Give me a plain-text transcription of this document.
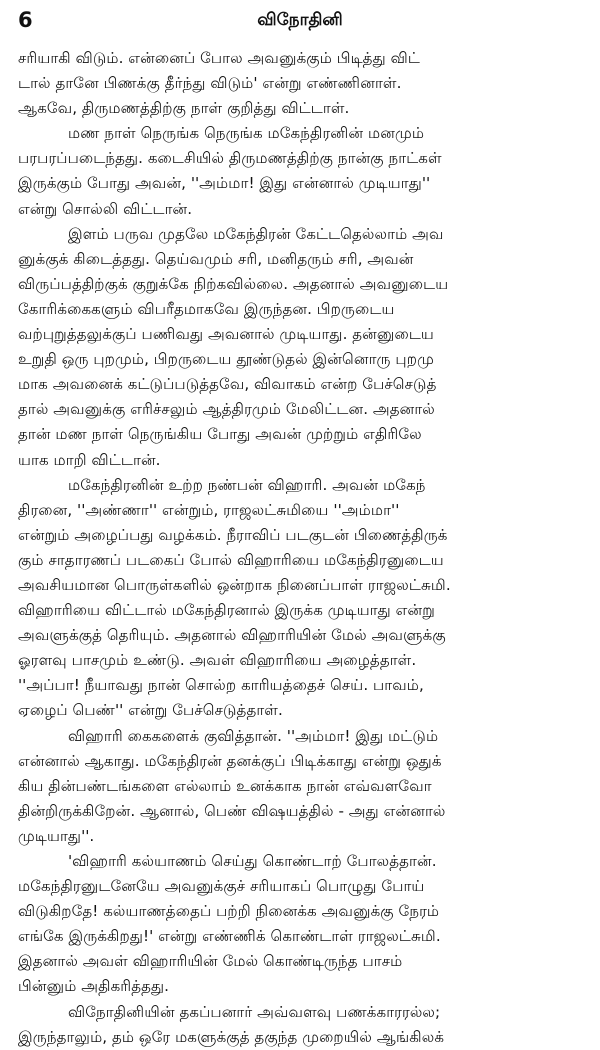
6	விநோதினி

சரியாகி விடும். என்னைப் போல அவனுக்கும் பிடித்து விட்
டால் தானே பிணக்கு தீர்ந்து விடும்' என்று எண்ணினாள்.
ஆகவே, திருமணத்திற்கு நாள் குறித்து விட்டாள்.

மண நாள் நெருங்க நெருங்க மகேந்திரனின் மனமும்
பரபரப்படைந்தது. கடைசியில் திருமணத்திற்கு நான்கு நாட்கள்
இருக்கும் போது அவன், ''அம்மா! இது என்னால் முடியாது''
என்று சொல்லி விட்டான்.

இளம் பருவ முதலே மகேந்திரன் கேட்டதெல்லாம் அவ
னுக்குக் கிடைத்தது. தெய்வமும் சரி, மனிதரும் சரி, அவன்
விருப்பத்திற்குக் குறுக்கே நிற்கவில்லை. அதனால் அவனுடைய
கோரிக்கைகளும் விபரீதமாகவே இருந்தன. பிறருடைய
வற்புறுத்தலுக்குப் பணிவது அவனால் முடியாது. தன்னுடைய
உறுதி ஒரு புறமும், பிறருடைய தூண்டுதல் இன்னொரு புறமு
மாக அவனைக் கட்டுப்படுத்தவே, விவாகம் என்ற பேச்செடுத்
தால் அவனுக்கு எரிச்சலும் ஆத்திரமும் மேலிட்டன. அதனால்
தான் மண நாள் நெருங்கிய போது அவன் முற்றும் எதிரிலே
யாக மாறி விட்டான்.

மகேந்திரனின் உற்ற நண்பன் விஹாரி. அவன் மகேந்
திரனை, ''அண்ணா'' என்றும், ராஜலட்சுமியை ''அம்மா''
என்றும் அழைப்பது வழக்கம். நீராவிப் படகுடன் பிணைத்திருக்
கும் சாதாரணப் படகைப் போல் விஹாரியை மகேந்திரனுடைய
அவசியமான பொருள்களில் ஒன்றாக நினைப்பாள் ராஜலட்சுமி.
விஹாரியை விட்டால் மகேந்திரனால் இருக்க முடியாது என்று
அவளுக்குத் தெரியும். அதனால் விஹாரியின் மேல் அவளுக்கு
ஓரளவு பாசமும் உண்டு. அவள் விஹாரியை அழைத்தாள்.
''அப்பா! நீயாவது நான் சொல்ற காரியத்தைச் செய். பாவம்,
ஏழைப் பெண்'' என்று பேச்செடுத்தாள்.

விஹாரி கைகளைக் குவித்தான். ''அம்மா! இது மட்டும்
என்னால் ஆகாது. மகேந்திரன் தனக்குப் பிடிக்காது என்று ஒதுக்
கிய தின்பண்டங்களை எல்லாம் உனக்காக நான் எவ்வளவோ
தின்றிருக்கிறேன். ஆனால், பெண் விஷயத்தில் - அது என்னால்
முடியாது''.

'விஹாரி கல்யாணம் செய்து கொண்டாற் போலத்தான்.
மகேந்திரனுடனேயே அவனுக்குச் சரியாகப் பொழுது போய்
விடுகிறதே! கல்யாணத்தைப் பற்றி நினைக்க அவனுக்கு நேரம்
எங்கே இருக்கிறது!' என்று எண்ணிக் கொண்டாள் ராஜலட்சுமி.
இதனால் அவள் விஹாரியின் மேல் கொண்டிருந்த பாசம்
பின்னும் அதிகரித்தது.

விநோதினியின் தகப்பனார் அவ்வளவு பணக்காரரல்ல;
இருந்தாலும், தம் ஒரே மகளுக்குத் தகுந்த முறையில் ஆங்கிலக்
